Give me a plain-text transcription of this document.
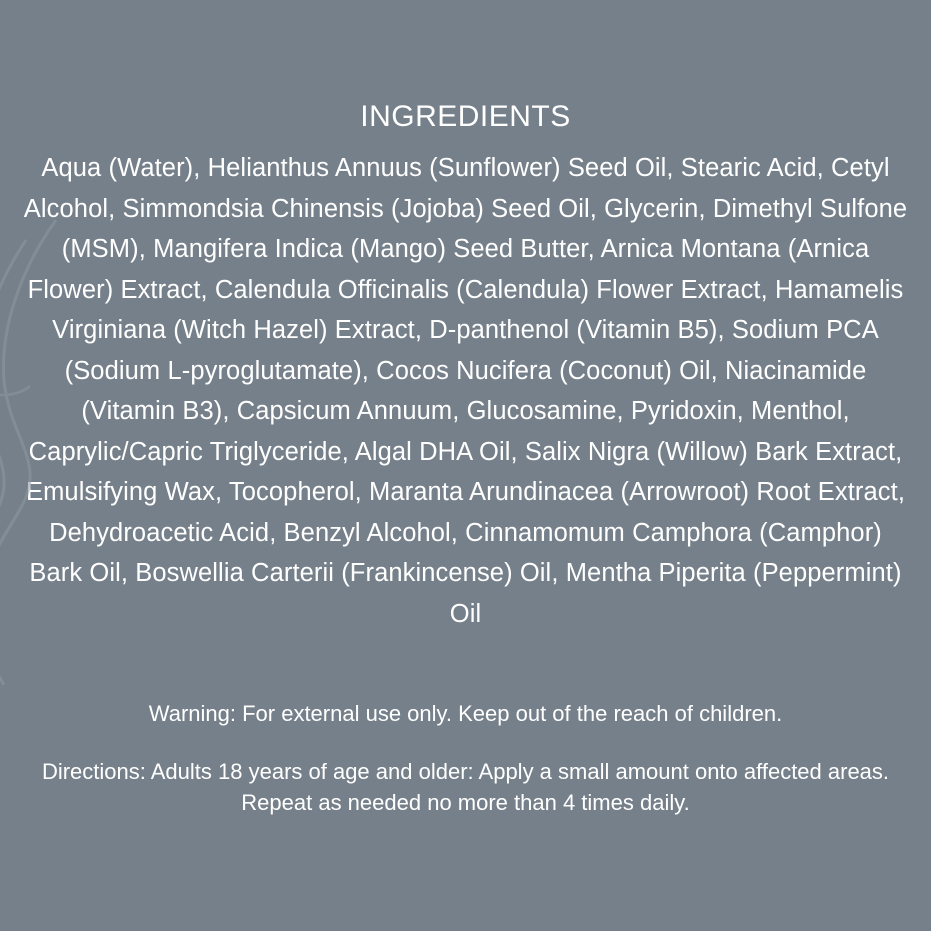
INGREDIENTS
Aqua (Water), Helianthus Annuus (Sunflower) Seed Oil, Stearic Acid, Cetyl Alcohol, Simmondsia Chinensis (Jojoba) Seed Oil, Glycerin, Dimethyl Sulfone (MSM), Mangifera Indica (Mango) Seed Butter, Arnica Montana (Arnica Flower) Extract, Calendula Officinalis (Calendula) Flower Extract, Hamamelis Virginiana (Witch Hazel) Extract, D-panthenol (Vitamin B5), Sodium PCA (Sodium L-pyroglutamate), Cocos Nucifera (Coconut) Oil, Niacinamide (Vitamin B3), Capsicum Annuum, Glucosamine, Pyridoxin, Menthol, Caprylic/Capric Triglyceride, Algal DHA Oil, Salix Nigra (Willow) Bark Extract, Emulsifying Wax, Tocopherol, Maranta Arundinacea (Arrowroot) Root Extract, Dehydroacetic Acid, Benzyl Alcohol, Cinnamomum Camphora (Camphor) Bark Oil, Boswellia Carterii (Frankincense) Oil, Mentha Piperita (Peppermint) Oil
Warning: For external use only. Keep out of the reach of children.
Directions: Adults 18 years of age and older: Apply a small amount onto affected areas. Repeat as needed no more than 4 times daily.
